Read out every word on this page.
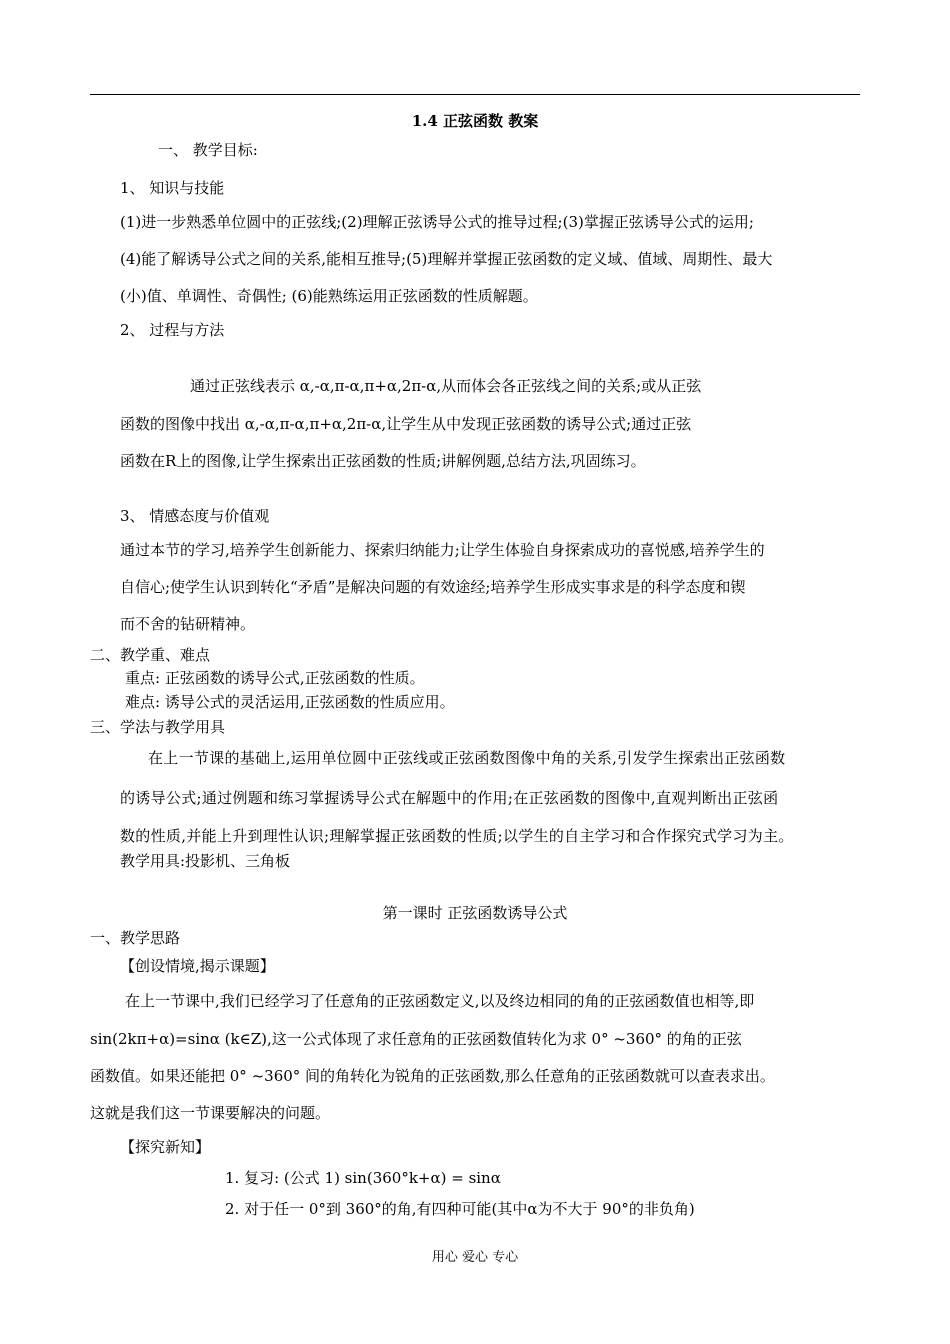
1.4 正弦函数 教案
一、 教学目标:
1、 知识与技能
(1)进一步熟悉单位圆中的正弦线;(2)理解正弦诱导公式的推导过程;(3)掌握正弦诱导公式的运用;
(4)能了解诱导公式之间的关系,能相互推导;(5)理解并掌握正弦函数的定义域、值域、周期性、最大
(小)值、单调性、奇偶性; (6)能熟练运用正弦函数的性质解题。
2、 过程与方法
通过正弦线表示 α,-α,π-α,π+α,2π-α,从而体会各正弦线之间的关系;或从正弦
函数的图像中找出 α,-α,π-α,π+α,2π-α,让学生从中发现正弦函数的诱导公式;通过正弦
函数在R上的图像,让学生探索出正弦函数的性质;讲解例题,总结方法,巩固练习。
3、 情感态度与价值观
通过本节的学习,培养学生创新能力、探索归纳能力;让学生体验自身探索成功的喜悦感,培养学生的
自信心;使学生认识到转化“矛盾”是解决问题的有效途经;培养学生形成实事求是的科学态度和锲
而不舍的钻研精神。
二、教学重、难点
重点: 正弦函数的诱导公式,正弦函数的性质。
难点: 诱导公式的灵活运用,正弦函数的性质应用。
三、学法与教学用具
在上一节课的基础上,运用单位圆中正弦线或正弦函数图像中角的关系,引发学生探索出正弦函数
的诱导公式;通过例题和练习掌握诱导公式在解题中的作用;在正弦函数的图像中,直观判断出正弦函
数的性质,并能上升到理性认识;理解掌握正弦函数的性质;以学生的自主学习和合作探究式学习为主。
教学用具:投影机、三角板
第一课时 正弦函数诱导公式
一、教学思路
【创设情境,揭示课题】
在上一节课中,我们已经学习了任意角的正弦函数定义,以及终边相同的角的正弦函数值也相等,即
sin(2kπ+α)=sinα (k∈Z),这一公式体现了求任意角的正弦函数值转化为求 0° ~360° 的角的正弦
函数值。如果还能把 0° ~360° 间的角转化为锐角的正弦函数,那么任意角的正弦函数就可以查表求出。
这就是我们这一节课要解决的问题。
【探究新知】
1. 复习: (公式 1) sin(360°k+α) = sinα
2. 对于任一 0°到 360°的角,有四种可能(其中α为不大于 90°的非负角)
用心 爱心 专心
